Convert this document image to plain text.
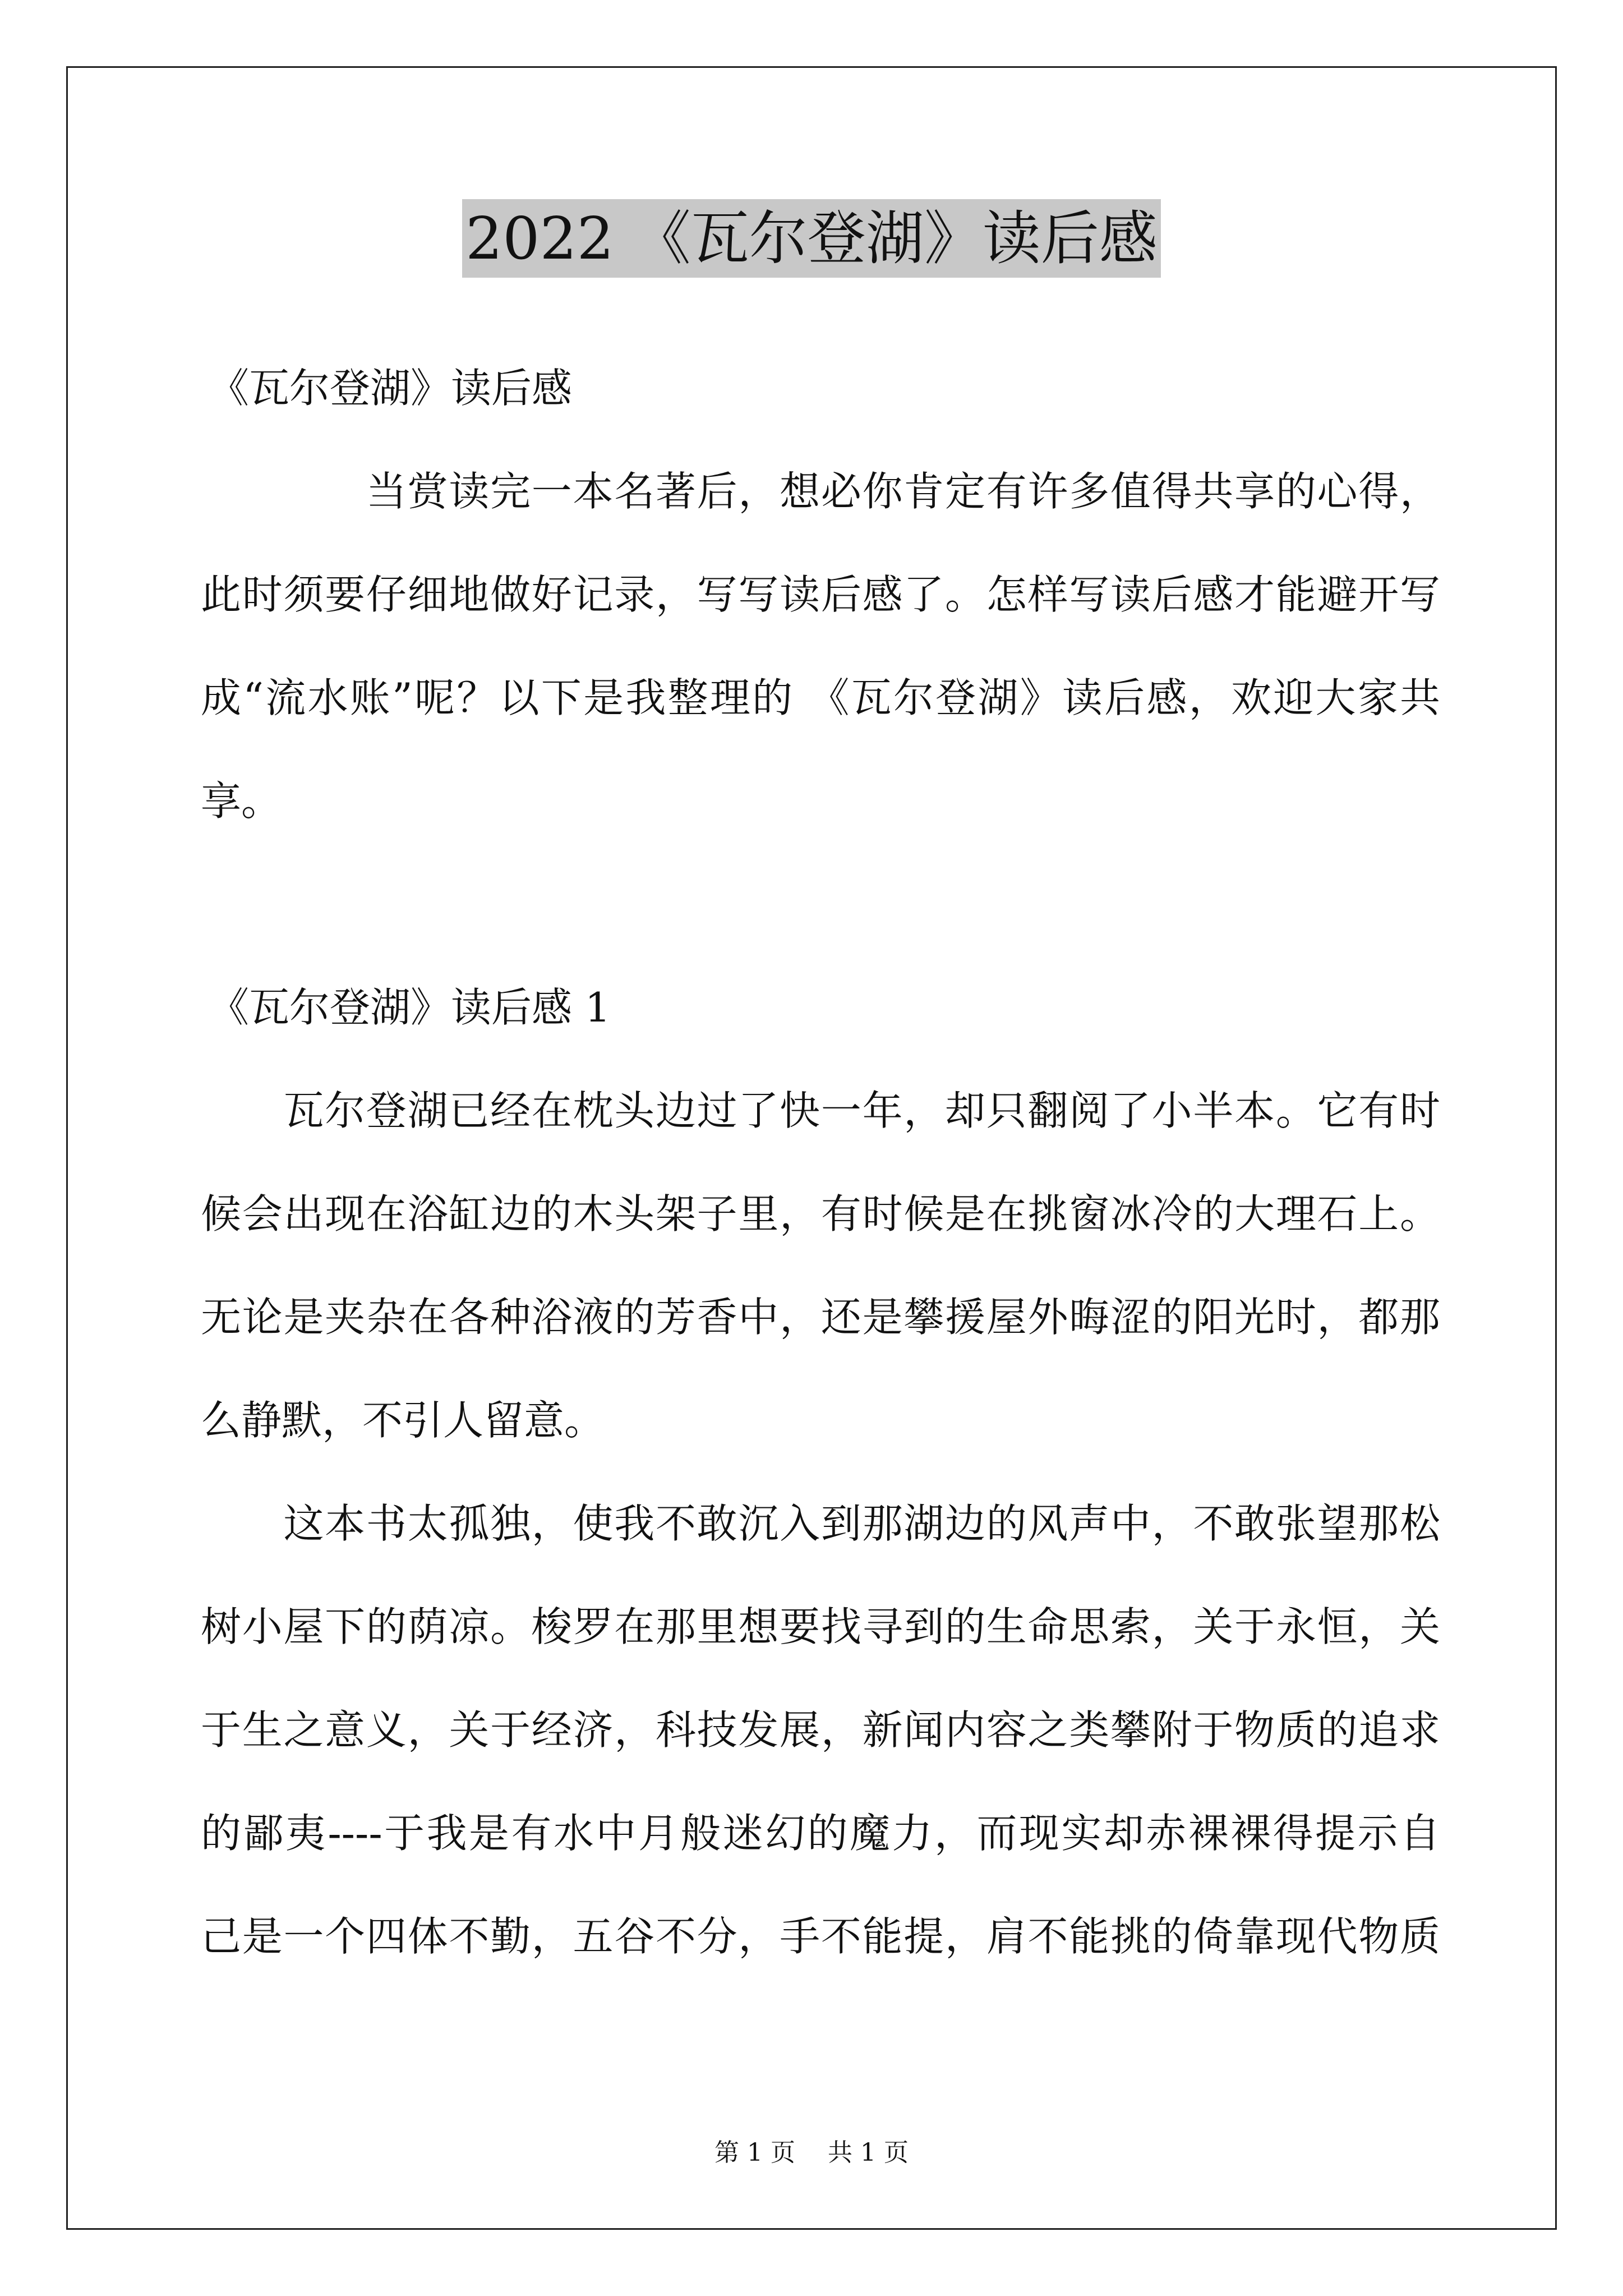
2022 《瓦尔登湖》读后感
《瓦尔登湖》读后感
　　　　当赏读完一本名著后，想必你肯定有许多值得共享的心得，
此时须要仔细地做好记录，写写读后感了。怎样写读后感才能避开写
成“流水账”呢？以下是我整理的 《瓦尔登湖》读后感，欢迎大家共
享。
《瓦尔登湖》读后感 1
　　瓦尔登湖已经在枕头边过了快一年，却只翻阅了小半本。它有时
候会出现在浴缸边的木头架子里，有时候是在挑窗冰冷的大理石上。
无论是夹杂在各种浴液的芳香中，还是攀援屋外晦涩的阳光时，都那
么静默，不引人留意。
　　这本书太孤独，使我不敢沉入到那湖边的风声中，不敢张望那松
树小屋下的荫凉。梭罗在那里想要找寻到的生命思索，关于永恒，关
于生之意义，关于经济，科技发展，新闻内容之类攀附于物质的追求
的鄙夷----于我是有水中月般迷幻的魔力，而现实却赤裸裸得提示自
己是一个四体不勤，五谷不分，手不能提，肩不能挑的倚靠现代物质
第 1 页　 共 1 页
